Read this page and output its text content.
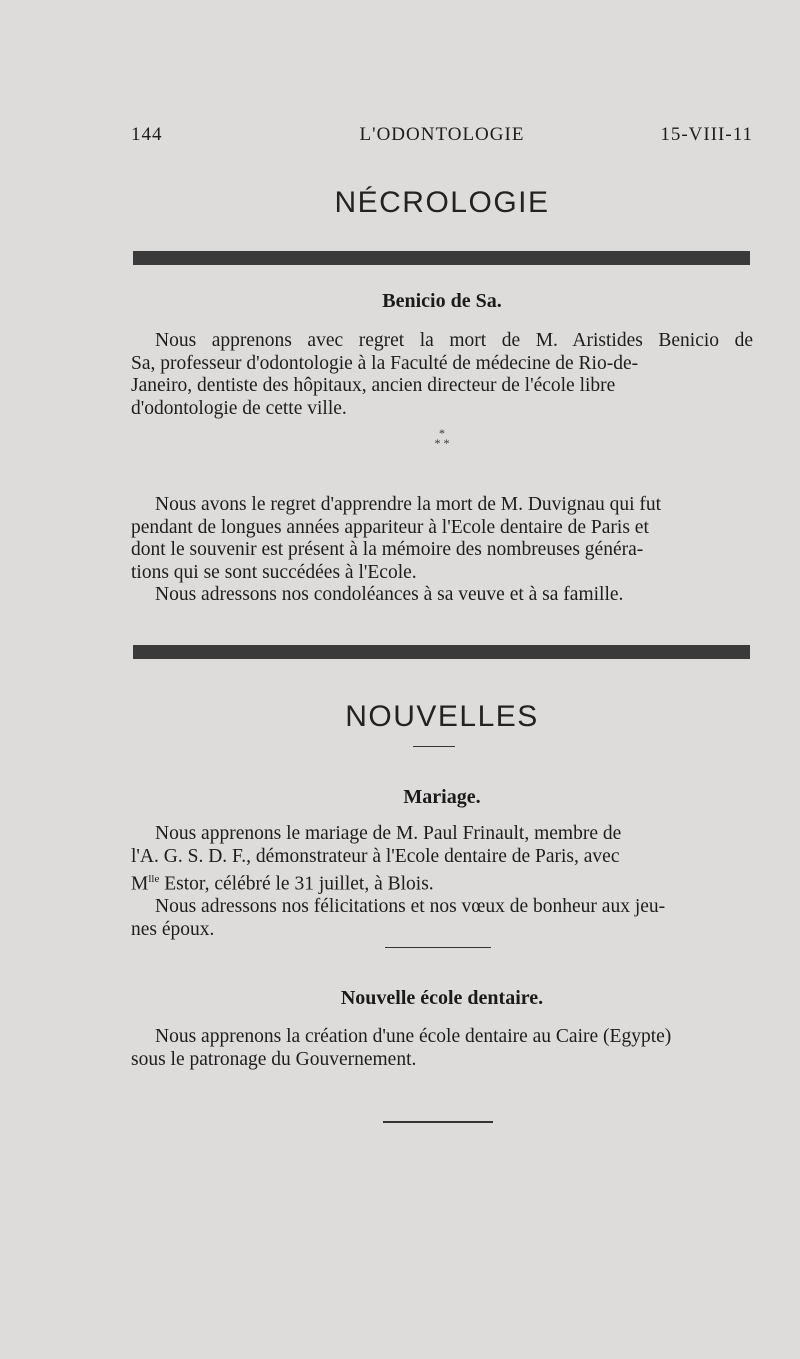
144	L'ODONTOLOGIE	15-VIII-11
NÉCROLOGIE
Benicio de Sa.
Nous apprenons avec regret la mort de M. Aristides Benicio de
Sa, professeur d'odontologie à la Faculté de médecine de Rio-de-
Janeiro, dentiste des hôpitaux, ancien directeur de l'école libre
d'odontologie de cette ville.
*
* *
Nous avons le regret d'apprendre la mort de M. Duvignau qui fut
pendant de longues années appariteur à l'Ecole dentaire de Paris et
dont le souvenir est présent à la mémoire des nombreuses généra-
tions qui se sont succédées à l'Ecole.
Nous adressons nos condoléances à sa veuve et à sa famille.
NOUVELLES
Mariage.
Nous apprenons le mariage de M. Paul Frinault, membre de
l'A. G. S. D. F., démonstrateur à l'Ecole dentaire de Paris, avec
$M^{lle}$ Estor, célébré le 31 juillet, à Blois.
Nous adressons nos félicitations et nos vœux de bonheur aux jeu-
nes époux.
Nouvelle école dentaire.
Nous apprenons la création d'une école dentaire au Caire (Egypte)
sous le patronage du Gouvernement.
